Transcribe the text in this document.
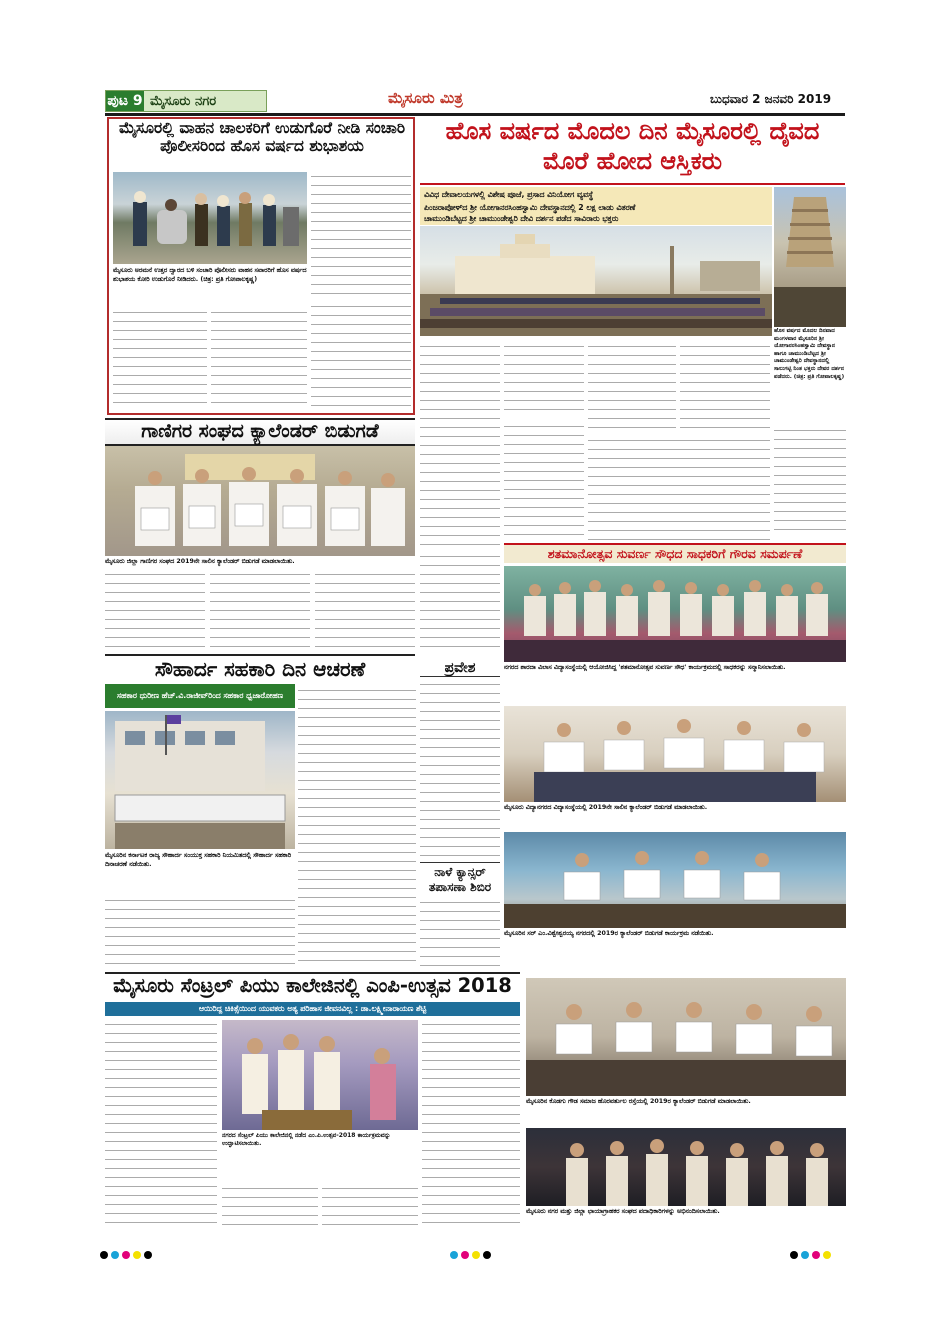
ಪುಟ 9 ಮೈಸೂರು ನಗರ	ಮೈಸೂರು ಮಿತ್ರ	ಬುಧವಾರ 2 ಜನವರಿ 2019
ಮೈಸೂರಲ್ಲಿ ವಾಹನ ಚಾಲಕರಿಗೆ ಉಡುಗೊರೆ ನೀಡಿ ಸಂಚಾರಿ ಪೊಲೀಸರಿಂದ ಹೊಸ ವರ್ಷದ ಶುಭಾಶಯ
ಮೈಸೂರು ಅರಮನೆ ಉತ್ತರ ದ್ವಾರದ ಬಳಿ ಸಂಚಾರಿ ಪೊಲೀಸರು ವಾಹನ ಸವಾರರಿಗೆ ಹೊಸ ವರ್ಷದ ಶುಭಾಶಯ ಕೋರಿ ಉಡುಗೊರೆ ನೀಡಿದರು. (ಚಿತ್ರ: ಪ್ರತಿ ಗೋಪಾಲಕೃಷ್ಣ)
ಹೊಸ ವರ್ಷದ ಮೊದಲ ದಿನ ಮೈಸೂರಲ್ಲಿ ದೈವದ ಮೊರೆ ಹೋದ ಆಸ್ತಿಕರು
ವಿವಿಧ ದೇವಾಲಯಗಳಲ್ಲಿ ವಿಶೇಷ ಪೂಜೆ, ಪ್ರಸಾದ ವಿನಿಯೋಗ ವ್ಯವಸ್ಥೆ
ಪಿಂಜರಾಪೋಳ್‌ದ ಶ್ರೀ ಯೋಗಾನರಸಿಂಹಸ್ವಾಮಿ ದೇವಸ್ಥಾನದಲ್ಲಿ 2 ಲಕ್ಷ ಲಾಡು ವಿತರಣೆ
ಚಾಮುಂಡಿಬೆಟ್ಟದ ಶ್ರೀ ಚಾಮುಂಡೇಶ್ವರಿ ದೇವಿ ದರ್ಶನ ಪಡೆದ ಸಾವಿರಾರು ಭಕ್ತರು
ಹೊಸ ವರ್ಷದ ಮೊದಲ ದಿನವಾದ ಮಂಗಳವಾರ ಮೈಸೂರಿನ ಶ್ರೀ ಯೋಗಾನರಸಿಂಹಸ್ವಾಮಿ ದೇವಸ್ಥಾನ ಹಾಗೂ ಚಾಮುಂಡಿಬೆಟ್ಟದ ಶ್ರೀ ಚಾಮುಂಡೇಶ್ವರಿ ದೇವಸ್ಥಾನದಲ್ಲಿ ಸಾಲುಗಟ್ಟಿ ನಿಂತ ಭಕ್ತರು ದೇವರ ದರ್ಶನ ಪಡೆದರು. (ಚಿತ್ರ: ಪ್ರತಿ ಗೋಪಾಲಕೃಷ್ಣ)
ಗಾಣಿಗರ ಸಂಘದ ಕ್ಯಾಲೆಂಡರ್ ಬಿಡುಗಡೆ
ಮೈಸೂರು ಜಿಲ್ಲಾ ಗಾಣಿಗರ ಸಂಘದ 2019ನೇ ಸಾಲಿನ ಕ್ಯಾಲೆಂಡರ್ ಬಿಡುಗಡೆ ಮಾಡಲಾಯಿತು.
ಶತಮಾನೋತ್ಸವ ಸುವರ್ಣ ಸೌಧದ ಸಾಧಕರಿಗೆ ಗೌರವ ಸಮರ್ಪಣೆ
ನಗರದ ಶಾರದಾ ವಿಲಾಸ ವಿದ್ಯಾಸಂಸ್ಥೆಯಲ್ಲಿ ಆಯೋಜಿಸಿದ್ದ 'ಶತಮಾನೋತ್ಸವ ಸುವರ್ಣ ಸೌಧ' ಕಾರ್ಯಕ್ರಮದಲ್ಲಿ ಸಾಧಕರನ್ನು ಸನ್ಮಾನಿಸಲಾಯಿತು.
ಸೌಹಾರ್ದ ಸಹಕಾರಿ ದಿನ ಆಚರಣೆ
ಸಹಕಾರ ಧುರೀಣ ಹೆಚ್.ವಿ.ರಾಜೀವ್‌ರಿಂದ ಸಹಕಾರ ಧ್ವಜಾರೋಹಣ
ಮೈಸೂರಿನ ಕರ್ನಾಟಕ ರಾಜ್ಯ ಸೌಹಾರ್ದ ಸಂಯುಕ್ತ ಸಹಕಾರಿ ನಿಯಮಿತದಲ್ಲಿ ಸೌಹಾರ್ದ ಸಹಕಾರಿ ದಿನಾಚರಣೆ ನಡೆಯಿತು.
ಪ್ರವೇಶ
ನಾಳೆ ಕ್ಯಾನ್ಸರ್ ತಪಾಸಣಾ ಶಿಬಿರ
ಮೈಸೂರು ವಿದ್ಯಾನಗರದ ವಿದ್ಯಾಸಂಸ್ಥೆಯಲ್ಲಿ 2019ನೇ ಸಾಲಿನ ಕ್ಯಾಲೆಂಡರ್ ಬಿಡುಗಡೆ ಮಾಡಲಾಯಿತು.
ಮೈಸೂರಿನ ಸರ್ ಎಂ.ವಿಶ್ವೇಶ್ವರಯ್ಯ ನಗರದಲ್ಲಿ 2019ರ ಕ್ಯಾಲೆಂಡರ್ ಬಿಡುಗಡೆ ಕಾರ್ಯಕ್ರಮ ನಡೆಯಿತು.
ಮೈಸೂರು ಸೆಂಟ್ರಲ್ ಪಿಯು ಕಾಲೇಜಿನಲ್ಲಿ ಎಂಪಿ-ಉತ್ಸವ 2018
ಆಯಿರಿದ್ದ ಚಿಕಿತ್ಸೆಯಿಂದ ಯುವಕರು ಅತ್ಯ ಪರಿಹಾಸ ಜೀವನವಿಲ್ಲ : ಡಾ.ಲಕ್ಷ್ಮೀನಾರಾಯಣ ಶೆಟ್ಟಿ
ನಗರದ ಸೆಂಟ್ರಲ್ ಪಿಯು ಕಾಲೇಜಿನಲ್ಲಿ ನಡೆದ ಎಂ.ಪಿ.ಉತ್ಸವ-2018 ಕಾರ್ಯಕ್ರಮವನ್ನು ಉದ್ಘಾಟಿಸಲಾಯಿತು.
ಮೈಸೂರಿನ ಕೊಡಗು ಗೌಡ ಸಮಾಜ ಹೊರವರ್ತುಲ ರಸ್ತೆಯಲ್ಲಿ 2019ರ ಕ್ಯಾಲೆಂಡರ್ ಬಿಡುಗಡೆ ಮಾಡಲಾಯಿತು.
ಮೈಸೂರು ನಗರ ಮತ್ತು ಜಿಲ್ಲಾ ಛಾಯಾಗ್ರಾಹಕರ ಸಂಘದ ಪದಾಧಿಕಾರಿಗಳನ್ನು ಅಭಿನಂದಿಸಲಾಯಿತು.
